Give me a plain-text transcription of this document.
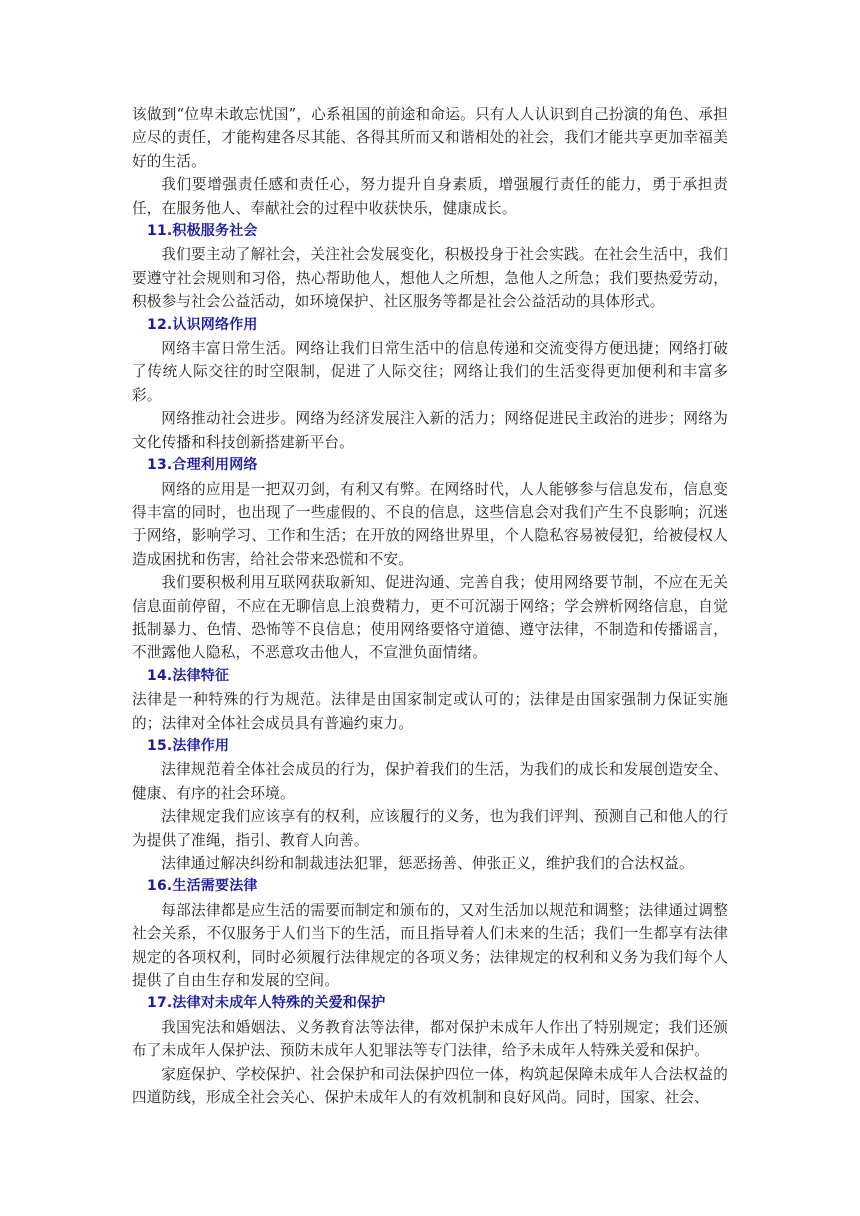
该做到“位卑未敢忘忧国”，心系祖国的前途和命运。只有人人认识到自己扮演的角色、承担应尽的责任，才能构建各尽其能、各得其所而又和谐相处的社会，我们才能共享更加幸福美好的生活。

我们要增强责任感和责任心，努力提升自身素质，增强履行责任的能力，勇于承担责任，在服务他人、奉献社会的过程中收获快乐，健康成长。

11.积极服务社会

我们要主动了解社会，关注社会发展变化，积极投身于社会实践。在社会生活中，我们要遵守社会规则和习俗，热心帮助他人，想他人之所想，急他人之所急；我们要热爱劳动，积极参与社会公益活动，如环境保护、社区服务等都是社会公益活动的具体形式。

12.认识网络作用

网络丰富日常生活。网络让我们日常生活中的信息传递和交流变得方便迅捷；网络打破了传统人际交往的时空限制，促进了人际交往；网络让我们的生活变得更加便利和丰富多彩。

网络推动社会进步。网络为经济发展注入新的活力；网络促进民主政治的进步；网络为文化传播和科技创新搭建新平台。

13.合理利用网络

网络的应用是一把双刃剑，有利又有弊。在网络时代，人人能够参与信息发布，信息变得丰富的同时，也出现了一些虚假的、不良的信息，这些信息会对我们产生不良影响；沉迷于网络，影响学习、工作和生活；在开放的网络世界里，个人隐私容易被侵犯，给被侵权人造成困扰和伤害，给社会带来恐慌和不安。

我们要积极利用互联网获取新知、促进沟通、完善自我；使用网络要节制，不应在无关信息面前停留，不应在无聊信息上浪费精力，更不可沉溺于网络；学会辨析网络信息，自觉抵制暴力、色情、恐怖等不良信息；使用网络要恪守道德、遵守法律，不制造和传播谣言，不泄露他人隐私，不恶意攻击他人，不宣泄负面情绪。

14.法律特征

法律是一种特殊的行为规范。法律是由国家制定或认可的；法律是由国家强制力保证实施的；法律对全体社会成员具有普遍约束力。

15.法律作用

法律规范着全体社会成员的行为，保护着我们的生活，为我们的成长和发展创造安全、健康、有序的社会环境。

法律规定我们应该享有的权利，应该履行的义务，也为我们评判、预测自己和他人的行为提供了准绳，指引、教育人向善。

法律通过解决纠纷和制裁违法犯罪，惩恶扬善、伸张正义，维护我们的合法权益。

16.生活需要法律

每部法律都是应生活的需要而制定和颁布的，又对生活加以规范和调整；法律通过调整社会关系，不仅服务于人们当下的生活，而且指导着人们未来的生活；我们一生都享有法律规定的各项权利，同时必须履行法律规定的各项义务；法律规定的权利和义务为我们每个人提供了自由生存和发展的空间。

17.法律对未成年人特殊的关爱和保护

我国宪法和婚姻法、义务教育法等法律，都对保护未成年人作出了特别规定；我们还颁布了未成年人保护法、预防未成年人犯罪法等专门法律，给予未成年人特殊关爱和保护。

家庭保护、学校保护、社会保护和司法保护四位一体，构筑起保障未成年人合法权益的四道防线，形成全社会关心、保护未成年人的有效机制和良好风尚。同时，国家、社会、
